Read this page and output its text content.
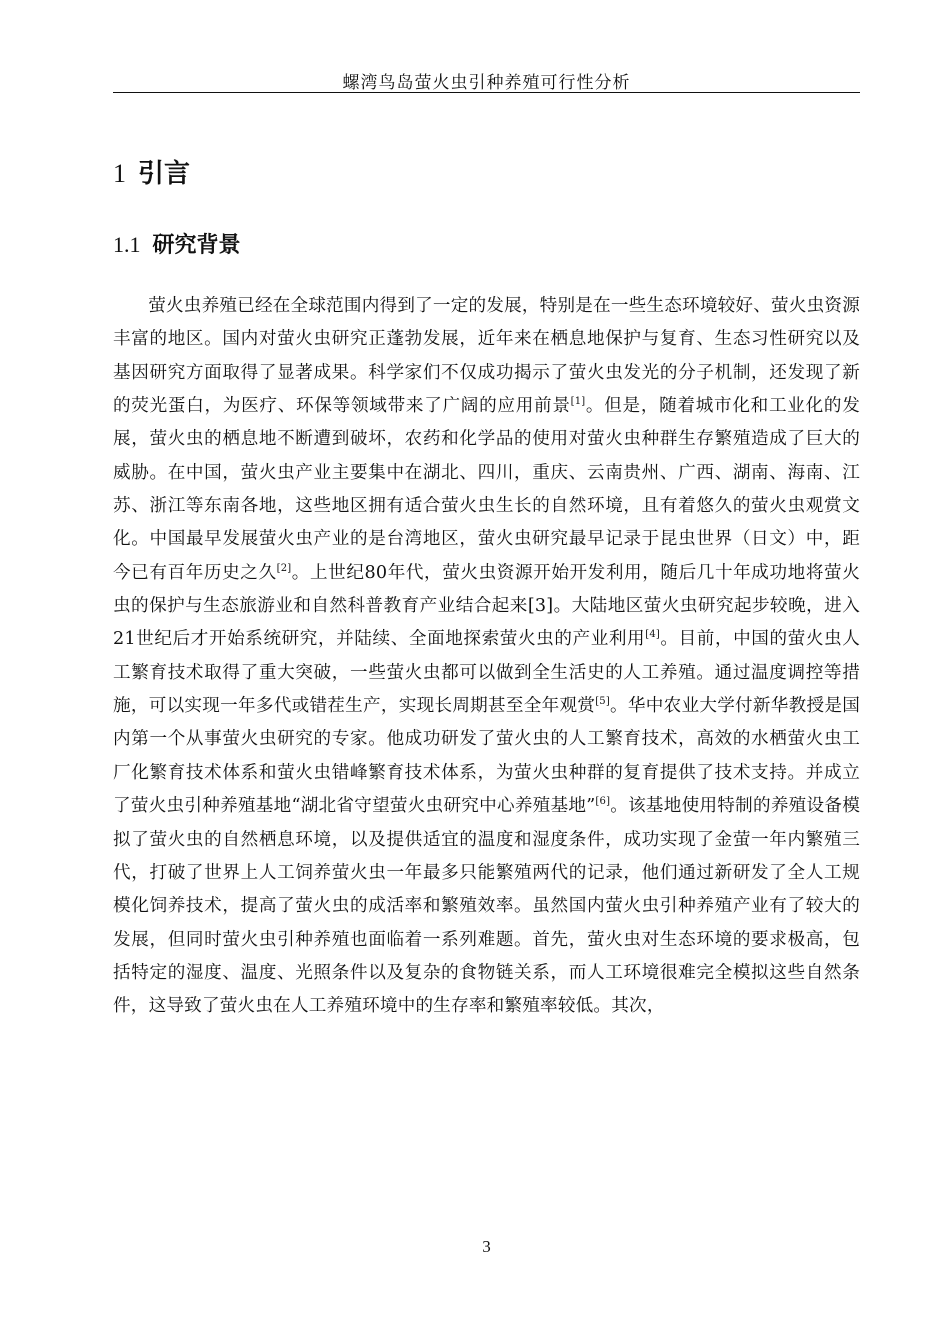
螺湾鸟岛萤火虫引种养殖可行性分析
1 引言
1.1 研究背景

萤火虫养殖已经在全球范围内得到了一定的发展，特别是在一些生态环境较好、萤火虫资源丰富的地区。国内对萤火虫研究正蓬勃发展，近年来在栖息地保护与复育、生态习性研究以及基因研究方面取得了显著成果。科学家们不仅成功揭示了萤火虫发光的分子机制，还发现了新的荧光蛋白，为医疗、环保等领域带来了广阔的应用前景[1]。但是，随着城市化和工业化的发展，萤火虫的栖息地不断遭到破坏，农药和化学品的使用对萤火虫种群生存繁殖造成了巨大的威胁。在中国，萤火虫产业主要集中在湖北、四川，重庆、云南贵州、广西、湖南、海南、江苏、浙江等东南各地，这些地区拥有适合萤火虫生长的自然环境，且有着悠久的萤火虫观赏文化。中国最早发展萤火虫产业的是台湾地区，萤火虫研究最早记录于昆虫世界（日文）中，距今已有百年历史之久[2]。上世纪80年代，萤火虫资源开始开发利用，随后几十年成功地将萤火虫的保护与生态旅游业和自然科普教育产业结合起来[3]。大陆地区萤火虫研究起步较晚，进入21世纪后才开始系统研究，并陆续、全面地探索萤火虫的产业利用[4]。目前，中国的萤火虫人工繁育技术取得了重大突破，一些萤火虫都可以做到全生活史的人工养殖。通过温度调控等措施，可以实现一年多代或错茬生产，实现长周期甚至全年观赏[5]。华中农业大学付新华教授是国内第一个从事萤火虫研究的专家。他成功研发了萤火虫的人工繁育技术，高效的水栖萤火虫工厂化繁育技术体系和萤火虫错峰繁育技术体系，为萤火虫种群的复育提供了技术支持。并成立了萤火虫引种养殖基地“湖北省守望萤火虫研究中心养殖基地”[6]。该基地使用特制的养殖设备模拟了萤火虫的自然栖息环境，以及提供适宜的温度和湿度条件，成功实现了金萤一年内繁殖三代，打破了世界上人工饲养萤火虫一年最多只能繁殖两代的记录，他们通过新研发了全人工规模化饲养技术，提高了萤火虫的成活率和繁殖效率。虽然国内萤火虫引种养殖产业有了较大的发展，但同时萤火虫引种养殖也面临着一系列难题。首先，萤火虫对生态环境的要求极高，包括特定的湿度、温度、光照条件以及复杂的食物链关系，而人工环境很难完全模拟这些自然条件，这导致了萤火虫在人工养殖环境中的生存率和繁殖率较低。其次，

3
